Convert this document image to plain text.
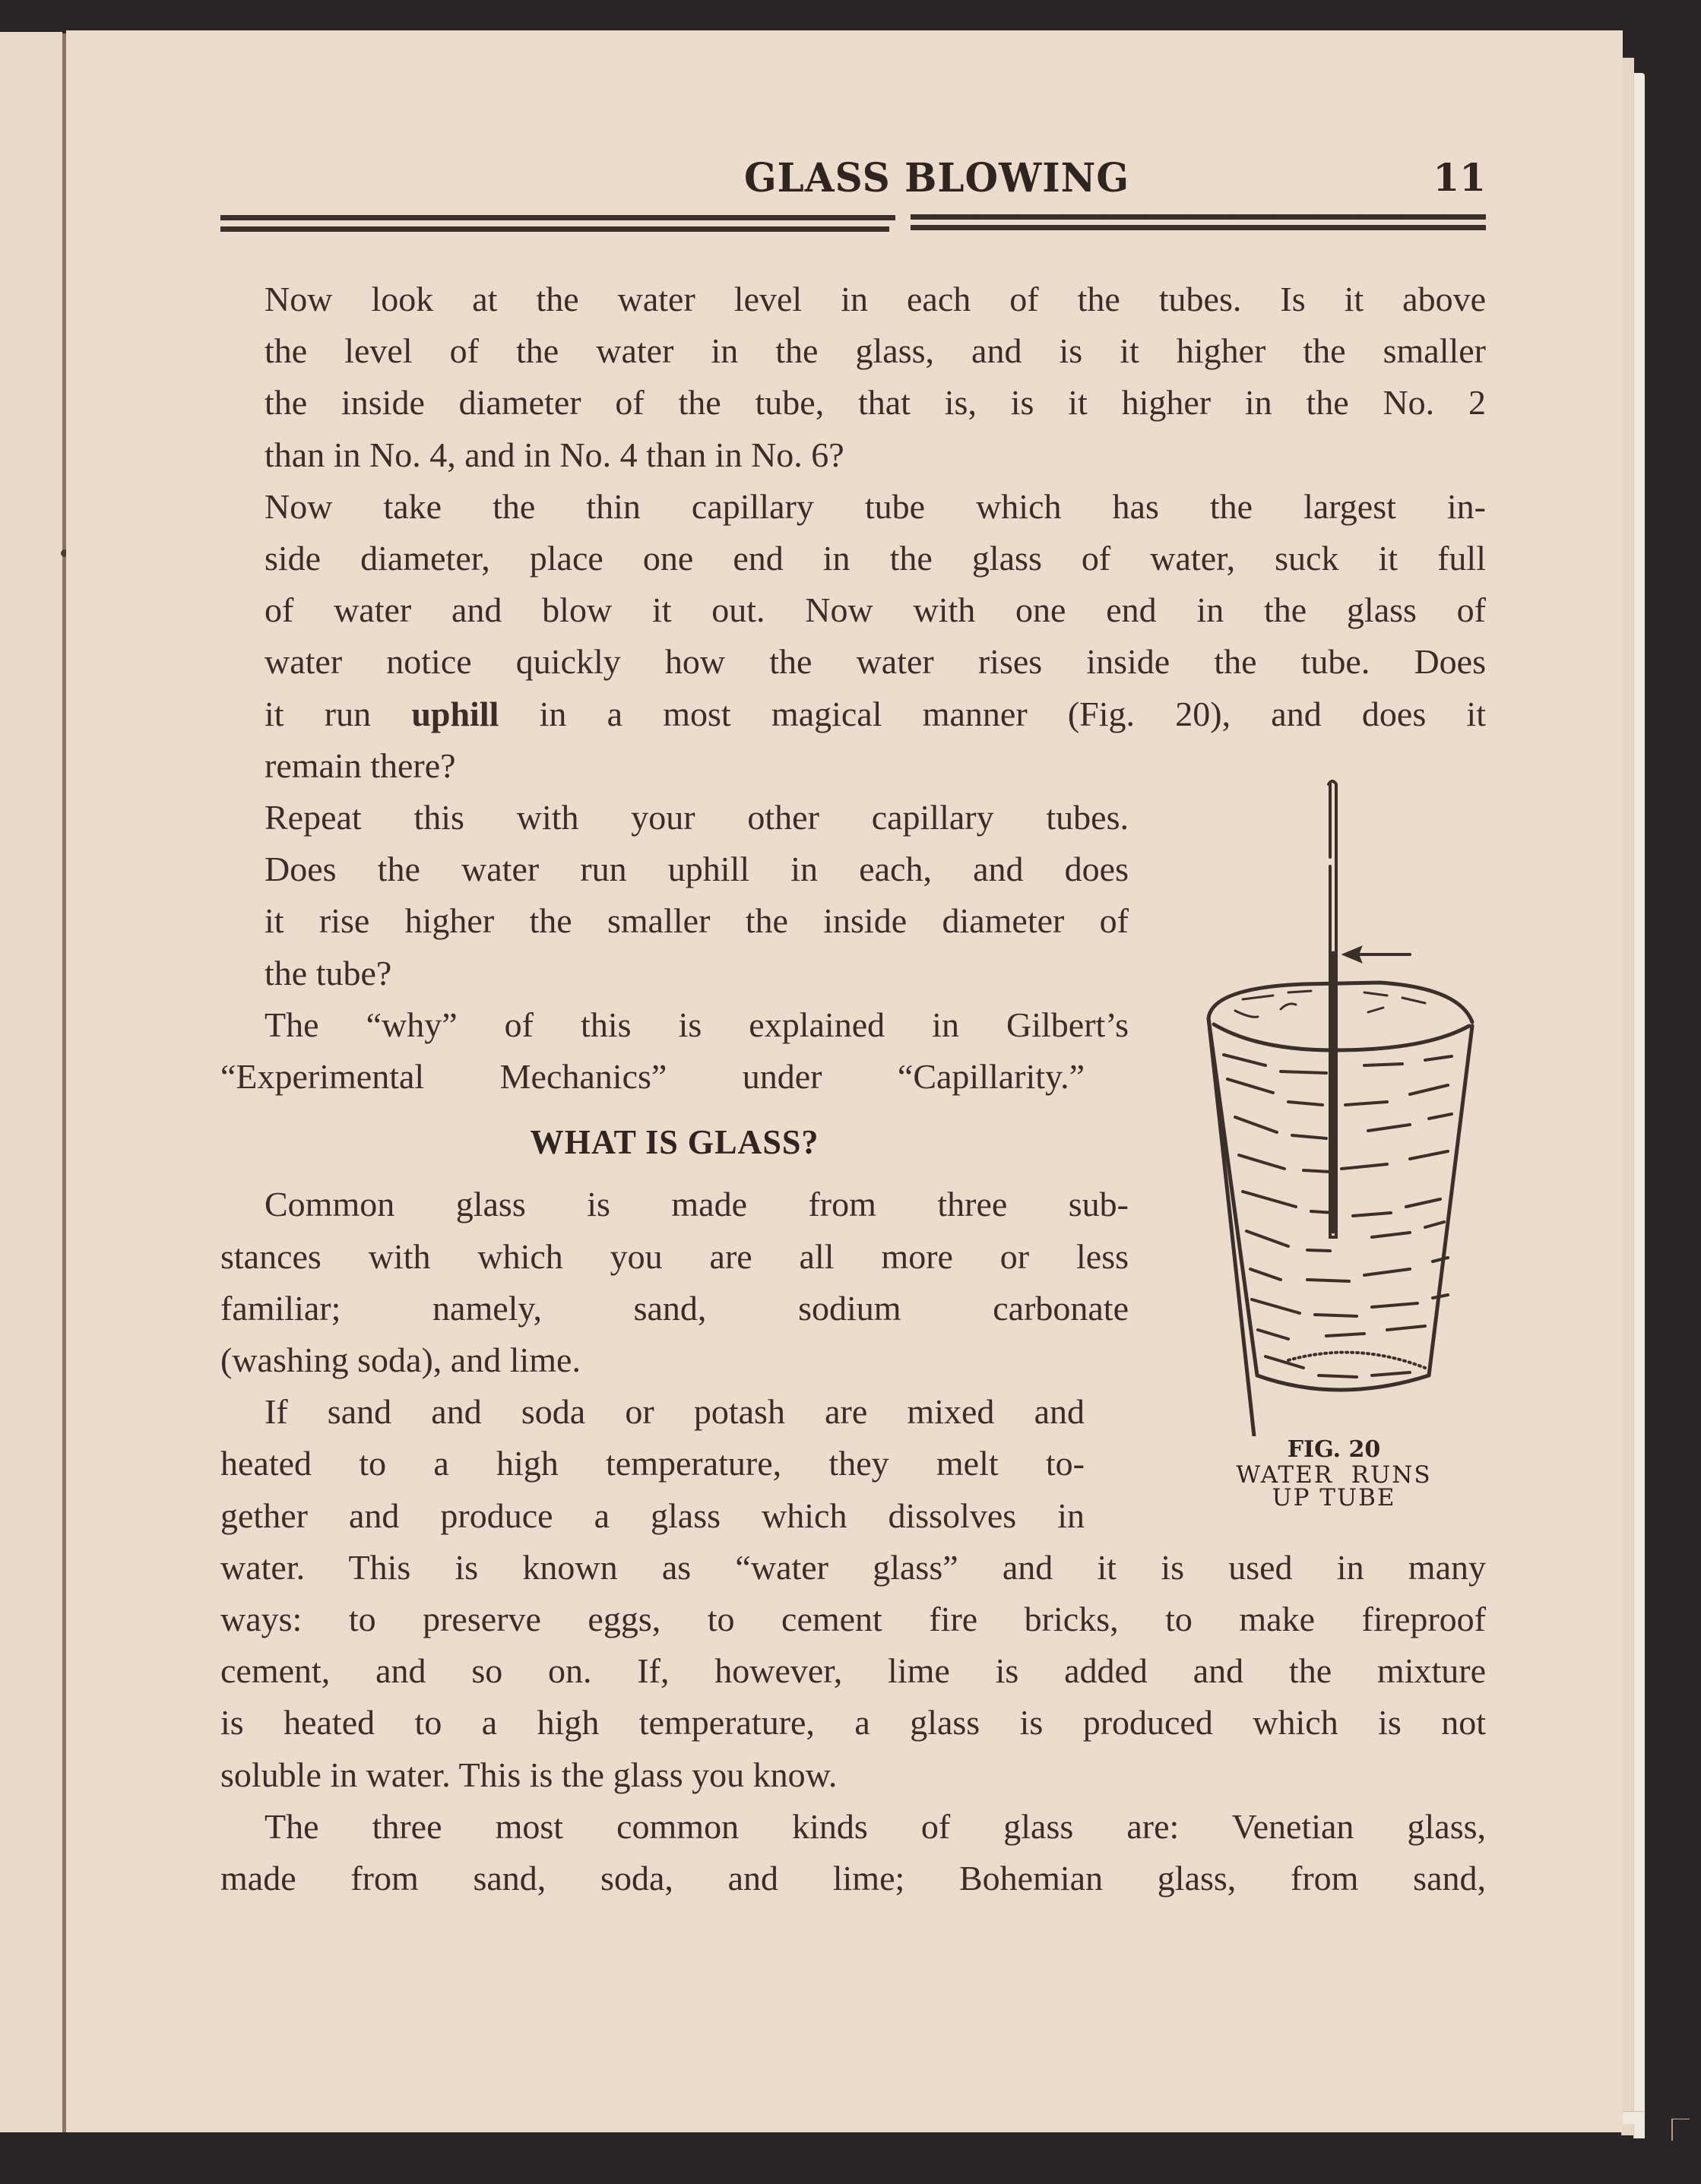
GLASS BLOWING	11

Now look at the water level in each of the tubes. Is it above
the level of the water in the glass, and is it higher the smaller
the inside diameter of the tube, that is, is it higher in the No. 2
than in No. 4, and in No. 4 than in No. 6?

Now take the thin capillary tube which has the largest in-
side diameter, place one end in the glass of water, suck it full
of water and blow it out. Now with one end in the glass of
water notice quickly how the water rises inside the tube. Does
it run uphill in a most magical manner (Fig. 20), and does it
remain there?

Repeat this with your other capillary tubes.
Does the water run uphill in each, and does
it rise higher the smaller the inside diameter of
the tube?

The “why” of this is explained in Gilbert’s
“Experimental Mechanics” under “Capillarity.”

WHAT IS GLASS?

Common glass is made from three sub-
stances with which you are all more or less
familiar; namely, sand, sodium carbonate
(washing soda), and lime.

If sand and soda or potash are mixed and
heated to a high temperature, they melt to-
gether and produce a glass which dissolves in
water. This is known as “water glass” and it is used in many
ways: to preserve eggs, to cement fire bricks, to make fireproof
cement, and so on. If, however, lime is added and the mixture
is heated to a high temperature, a glass is produced which is not
soluble in water. This is the glass you know.

The three most common kinds of glass are: Venetian glass,
made from sand, soda, and lime; Bohemian glass, from sand,

FIG. 20
WATER  RUNS
UP TUBE
